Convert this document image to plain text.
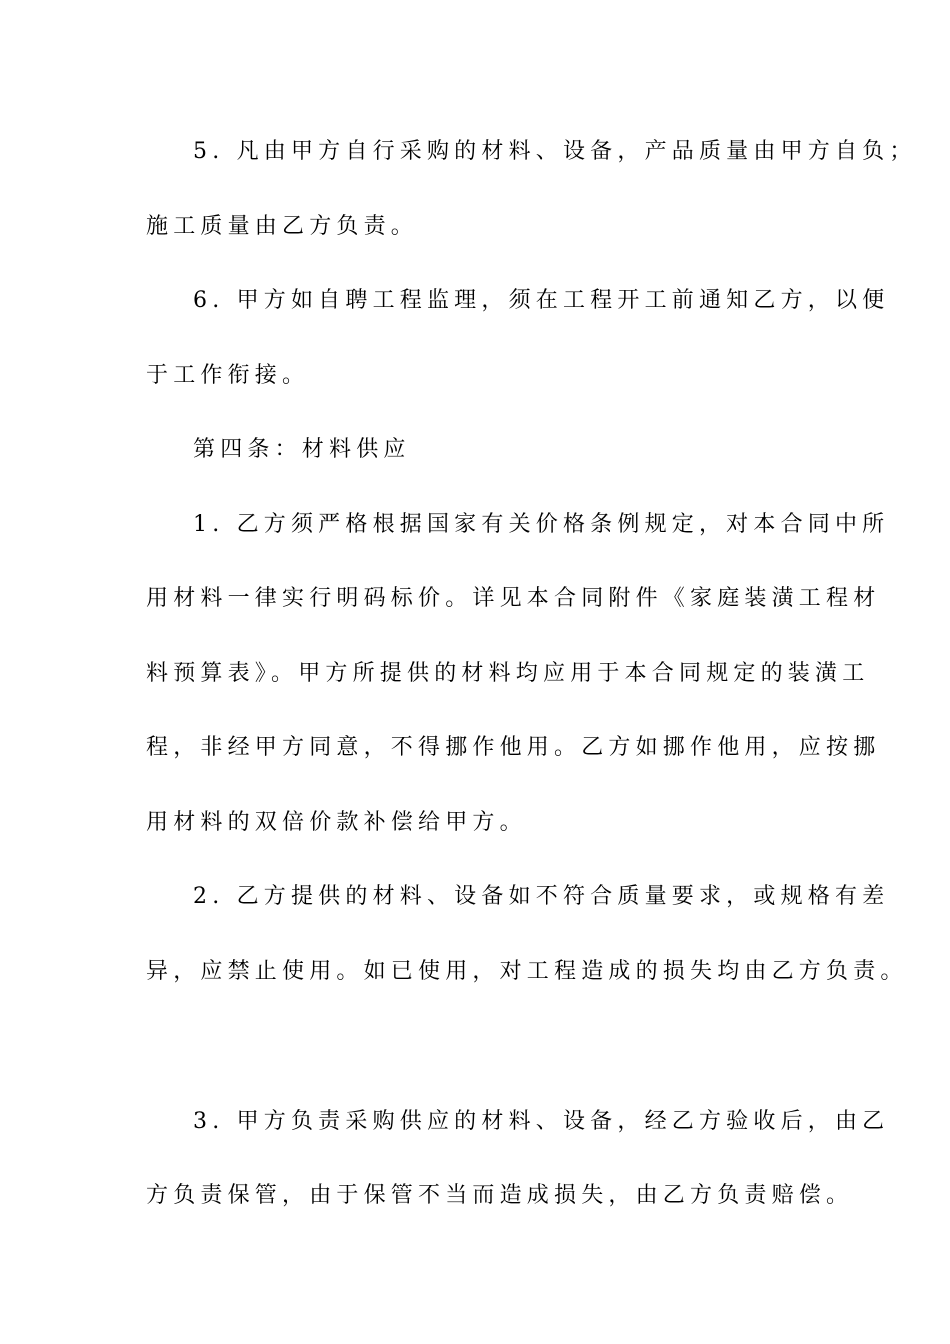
5. 凡由甲方自行采购的材料、设备，产品质量由甲方自负；
施工质量由乙方负责。
6. 甲方如自聘工程监理，须在工程开工前通知乙方，以便
于工作衔接。
第四条：材料供应
1. 乙方须严格根据国家有关价格条例规定，对本合同中所
用材料一律实行明码标价。详见本合同附件《家庭装潢工程材
料预算表》。甲方所提供的材料均应用于本合同规定的装潢工
程，非经甲方同意，不得挪作他用。乙方如挪作他用，应按挪
用材料的双倍价款补偿给甲方。
2. 乙方提供的材料、设备如不符合质量要求，或规格有差
异，应禁止使用。如已使用，对工程造成的损失均由乙方负责。
3. 甲方负责采购供应的材料、设备，经乙方验收后，由乙
方负责保管，由于保管不当而造成损失，由乙方负责赔偿。
